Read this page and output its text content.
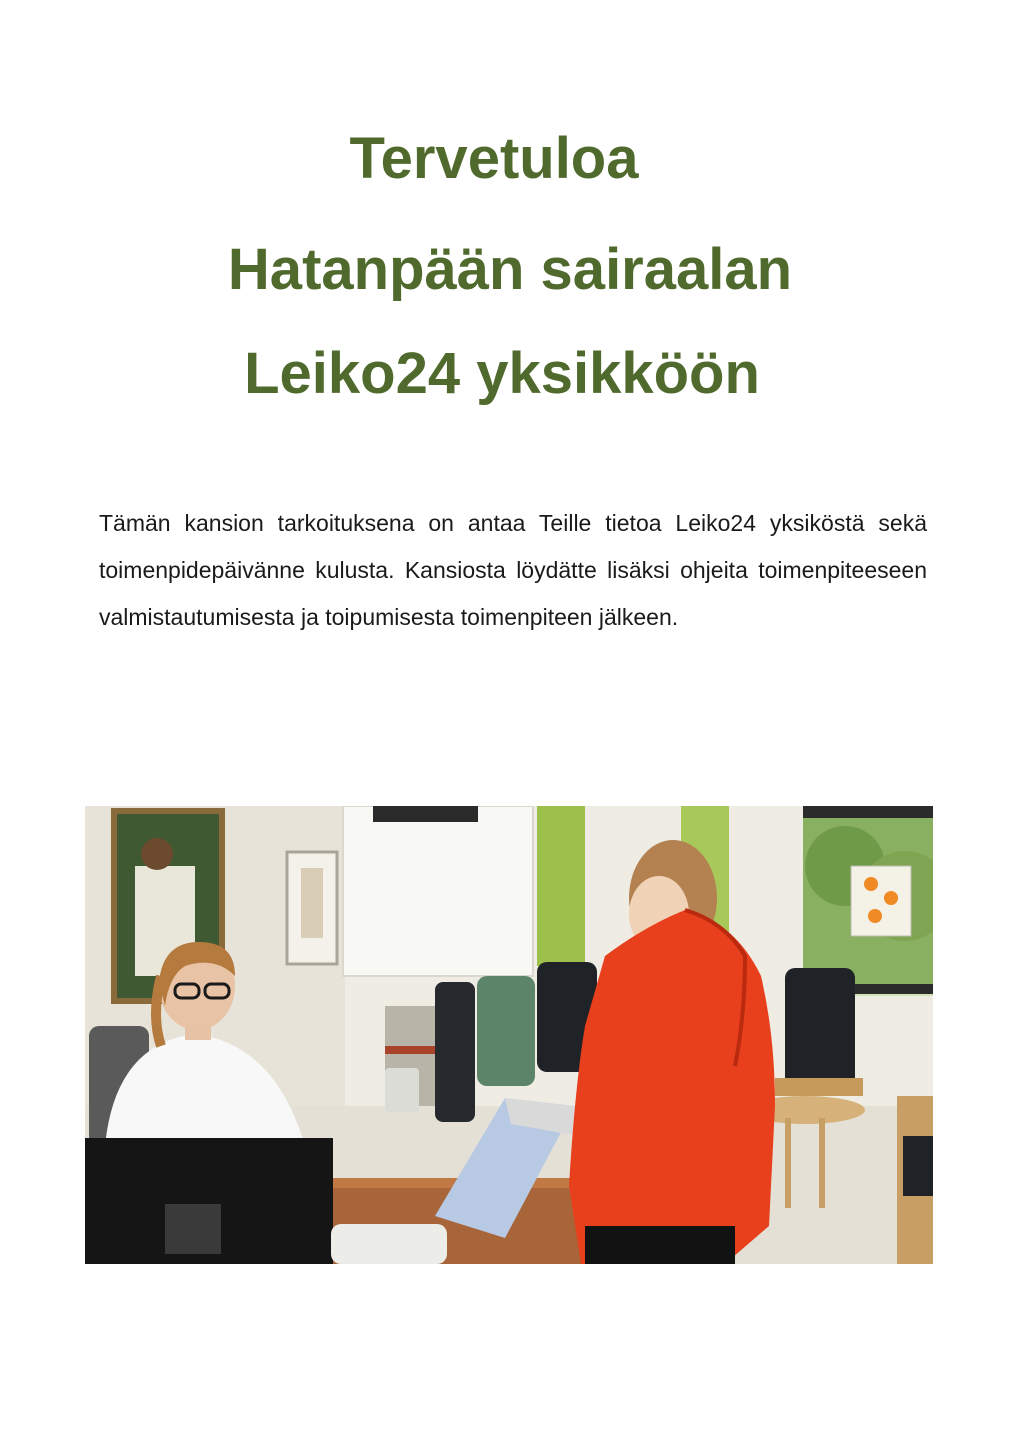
Tervetuloa
Hatanpään sairaalan
Leiko24 yksikköön

Tämän kansion tarkoituksena on antaa Teille tietoa Leiko24 yksiköstä sekä toimenpidepäivänne kulusta. Kansiosta löydätte lisäksi ohjeita toimenpiteeseen valmistautumisesta ja toipumisesta toimenpiteen jälkeen.
